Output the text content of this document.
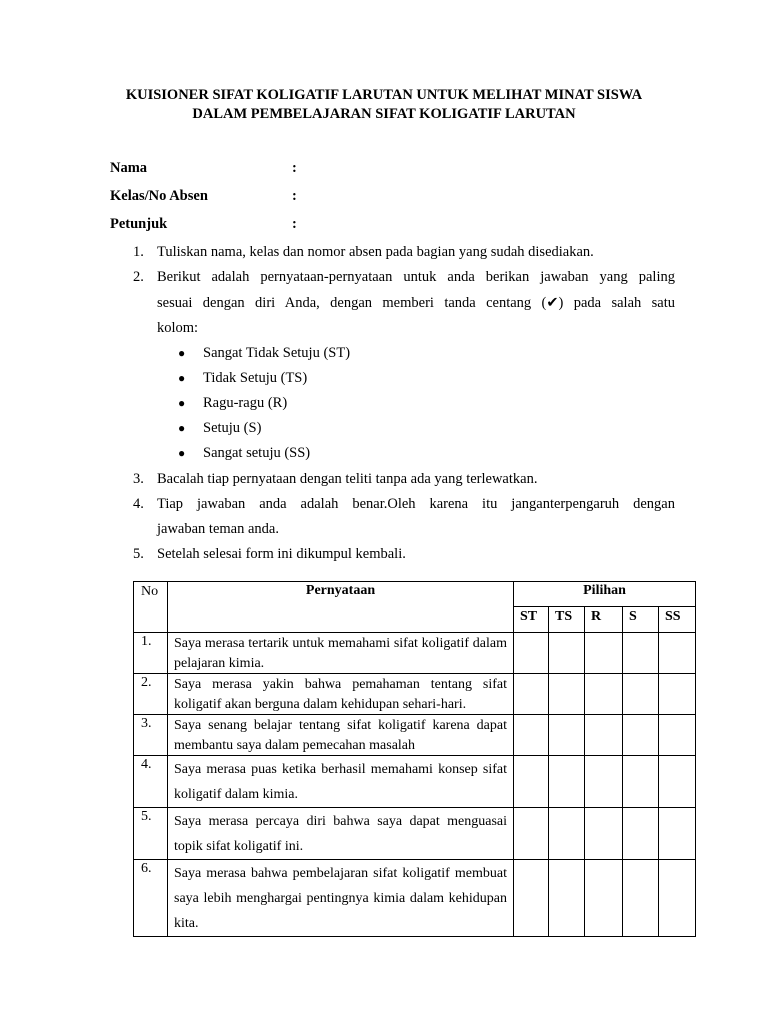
KUISIONER SIFAT KOLIGATIF LARUTAN UNTUK MELIHAT MINAT SISWA
DALAM PEMBELAJARAN SIFAT KOLIGATIF LARUTAN
Nama	:
Kelas/No Absen	:
Petunjuk	:
1. Tuliskan nama, kelas dan nomor absen pada bagian yang sudah disediakan.
2. Berikut adalah pernyataan-pernyataan untuk anda berikan jawaban yang paling
sesuai dengan diri Anda, dengan memberi tanda centang (✔) pada salah satu
kolom:
● Sangat Tidak Setuju (ST)
● Tidak Setuju (TS)
● Ragu-ragu (R)
● Setuju (S)
● Sangat setuju (SS)
3. Bacalah tiap pernyataan dengan teliti tanpa ada yang terlewatkan.
4. Tiap jawaban anda adalah benar.Oleh karena itu janganterpengaruh dengan
jawaban teman anda.
5. Setelah selesai form ini dikumpul kembali.
No	Pernyataan	Pilihan				
		ST	TS	R	S	SS
1.	Saya merasa tertarik untuk memahami sifat koligatif dalam pelajaran kimia.					
2.	Saya merasa yakin bahwa pemahaman tentang sifat koligatif akan berguna dalam kehidupan sehari-hari.					
3.	Saya senang belajar tentang sifat koligatif karena dapat membantu saya dalam pemecahan masalah					
4.	Saya merasa puas ketika berhasil memahami konsep sifat koligatif dalam kimia.					
5.	Saya merasa percaya diri bahwa saya dapat menguasai topik sifat koligatif ini.					
6.	Saya merasa bahwa pembelajaran sifat koligatif membuat saya lebih menghargai pentingnya kimia dalam kehidupan kita.					
